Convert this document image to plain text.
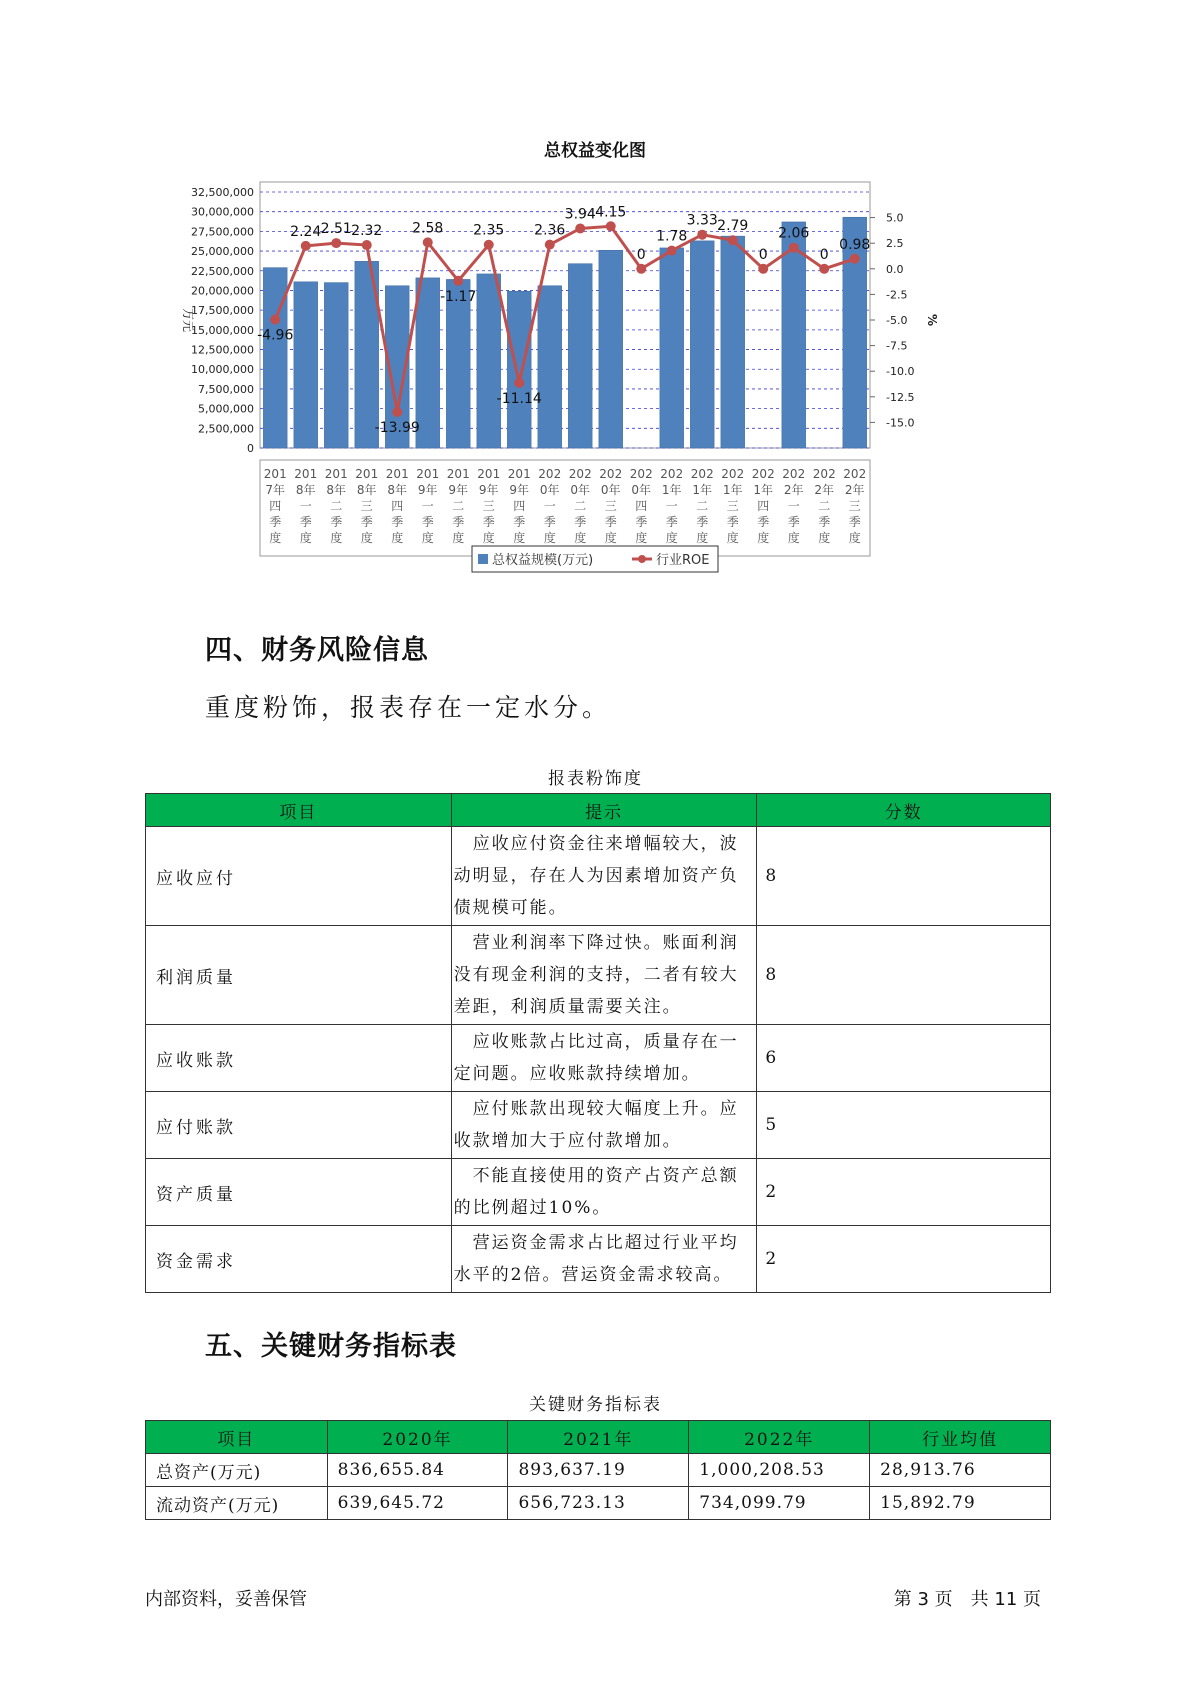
总权益变化图
0
2,500,000
5,000,000
7,500,000
10,000,000
12,500,000
15,000,000
17,500,000
20,000,000
22,500,000
25,000,000
27,500,000
30,000,000
32,500,000
5.0
2.5
0.0
-2.5
-5.0
-7.5
-10.0
-12.5
-15.0
万元	%
-4.96
2.24 2.51 2.32
-13.99
2.58
-1.17
2.35
-11.14
2.36
3.94 4.15
0
1.78
3.33 2.79
0
2.06
0
0.98
201
7年
四
季
度
201
8年
一
季
度
201
8年
二
季
度
201
8年
三
季
度
201
8年
四
季
度
201
9年
一
季
度
201
9年
二
季
度
201
9年
三
季
度
201
9年
四
季
度
202
0年
一
季
度
202
0年
二
季
度
202
0年
三
季
度
202
0年
四
季
度
202
1年
一
季
度
202
1年
二
季
度
202
1年
三
季
度
202
1年
四
季
度
202
2年
一
季
度
202
2年
二
季
度
202
2年
三
季
度
总权益规模(万元)	行业ROE
四、财务风险信息
重度粉饰，报表存在一定水分。
报表粉饰度
项目	提示	分数
应收应付	　应收应付资金往来增幅较大，波
动明显，存在人为因素增加资产负
债规模可能。	8
利润质量	　营业利润率下降过快。账面利润
没有现金利润的支持，二者有较大
差距，利润质量需要关注。	8
应收账款	　应收账款占比过高，质量存在一
定问题。应收账款持续增加。	6
应付账款	　应付账款出现较大幅度上升。应
收款增加大于应付款增加。	5
资产质量	　不能直接使用的资产占资产总额
的比例超过10%。	2
资金需求	　营运资金需求占比超过行业平均
水平的2倍。营运资金需求较高。	2
五、关键财务指标表
关键财务指标表
项目	2020年	2021年	2022年	行业均值
总资产(万元)	836,655.84	893,637.19	1,000,208.53	28,913.76
流动资产(万元)	639,645.72	656,723.13	734,099.79	15,892.79
内部资料，妥善保管	第 3 页　共 11 页
